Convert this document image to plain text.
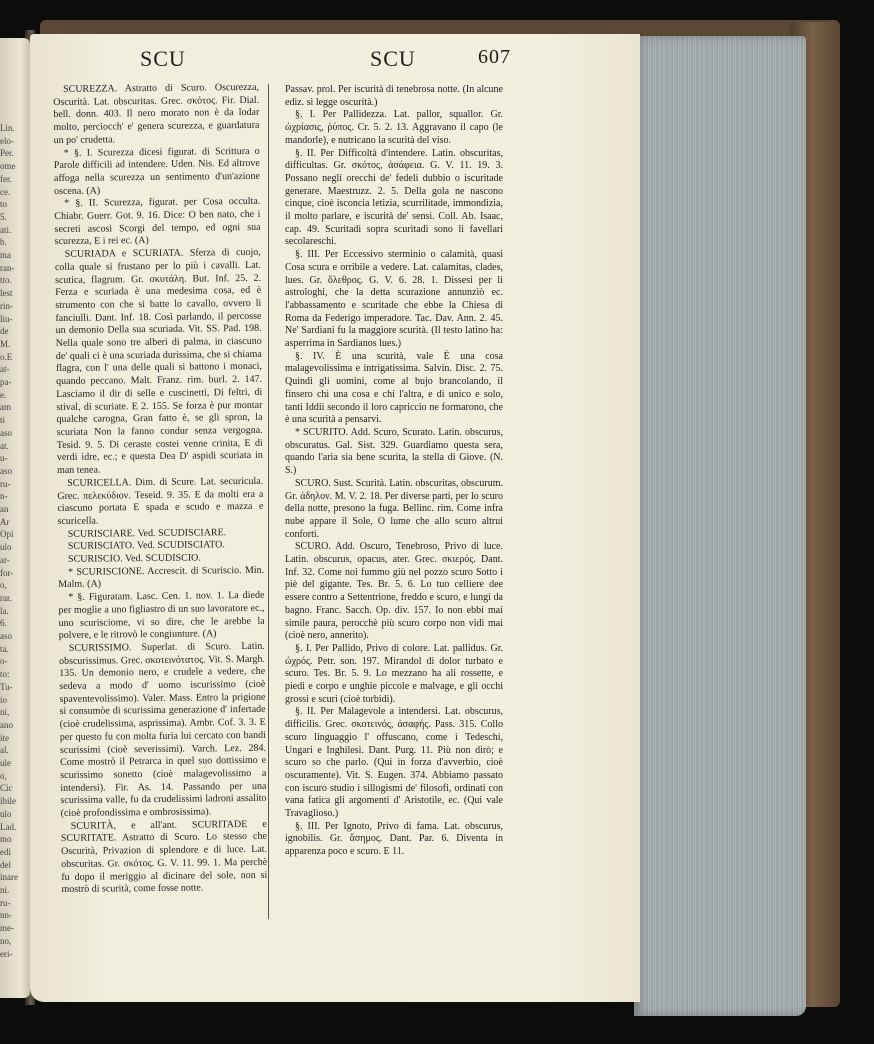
Lin.
elo-
Per.
ome
fer.
ce.
to
5.
ati.
b.
ma
ran-
tto.
lest
rin-
liu-
de
M.
o.E
at-
pa-
e.
am
ti
aso
at.
u-
aso
ru-
n-
an
Ar
Opi
ulo
ar-
for-
o,
rar.
la.
6.
aso
ta.
o-
to:
Tu-
io
ni,
ano
ite
al.
ule
o,
Cic
ibile
ulo
Lad.
mo
edi
del
inare
ni.
ru-
nn-
me-
no,
eri-
SCU	SCU	607

SCUREZZA. Astratto di Scuro. Oscurezza, Oscurità. Lat. obscuritas. Grec. σκότος. Fir. Dial. bell. donn. 403. Il nero morato non è da lodar molto, perciocch' e' genera scurezza, e guardatura un po' crudetta.

* §. I. Scurezza dicesi figurat. di Scrittura o Parole difficili ad intendere. Uden. Nis. Ed altrove affoga nella scurezza un sentimento d'un'azione oscena. (A)

* §. II. Scurezza, figurat. per Cosa occulta. Chiabr. Guerr. Got. 9. 16. Dice: O ben nato, che i secreti ascosi Scorgi del tempo, ed ogni sua scurezza, E i rei ec. (A)

SCURIADA e SCURIATA. Sferza di cuojo, colla quale si frustano per lo più i cavalli. Lat. scutica, flagrum. Gr. σκυτάλη. But. Inf. 25. 2. Ferza e scuriada è una medesima cosa, ed è strumento con che si batte lo cavallo, ovvero li fanciulli. Dant. Inf. 18. Così parlando, il percosse un demonio Della sua scuriada. Vit. SS. Pad. 198. Nella quale sono tre alberi di palma, in ciascuno de' quali ci è una scuriada durissima, che si chiama flagra, con l' una delle quali si battono i monaci, quando peccano. Malt. Franz. rim. burl. 2. 147. Lasciamo il dir di selle e cuscinetti, Di feltri, di stival, di scuriate. E 2. 155. Se forza è pur montar qualche carogna, Gran fatto è, se gli spron, la scuriata Non la fanno condur senza vergogna. Tesid. 9. 5. Di ceraste costei venne crinita, E di verdi idre, ec.; e questa Dea D' aspidi scuriata in man tenea.

SCURICELLA. Dim. di Scure. Lat. securicula. Grec. πελεκύδιον. Teseid. 9. 35. E da molti era a ciascuno portata E spada e scudo e mazza e scuricella.

SCURISCIARE. Ved. SCUDISCIARE.

SCURISCIATO. Ved. SCUDISCIATO.

SCURISCIO. Ved. SCUDISCIO.

* SCURISCIONE. Accrescit. di Scuriscio. Min. Malm. (A)

* §. Figuratam. Lasc. Cen. 1. nov. 1. La diede per moglie a uno figliastro di un suo lavoratore ec., uno scurisciome, vi so dire, che le arebbe la polvere, e le ritrovò le congiunture. (A)

SCURISSIMO. Superlat. di Scuro. Latin. obscurissimus. Grec. σκοτεινότατος. Vit. S. Margh. 135. Un demonio nero, e crudele a vedere, che sedeva a modo d' uomo iscurissimo (cioè spaventevolissimo). Valer. Mass. Entro la prigione si consumòe di scurissima generazione d' infertade (cioè crudelissima, asprissima). Ambr. Cof. 3. 3. E per questo fu con molta furia lui cercato con bandi scurissimi (cioè severissimi). Varch. Lez. 284. Come mostrò il Petrarca in quel suo dottissimo e scurissimo sonetto (cioè malagevolissimo a intendersi). Fir. As. 14. Passando per una scurissima valle, fu da crudelissimi ladroni assalito (cioè profondissima e ombrosissima).

SCURITÀ, e all'ant. SCURITADE e SCURITATE. Astratto di Scuro. Lo stesso che Oscurità, Privazion di splendore e di luce. Lat. obscuritas. Gr. σκότος. G. V. 11. 99. 1. Ma perchè fu dopo il meriggio al dicinare del sole, non si mostrò di scurità, come fosse notte.

Passav. prol. Per iscurità di tenebrosa notte. (In alcune ediz. si legge oscurità.)

§. I. Per Pallidezza. Lat. pallor, squallor. Gr. ὠχρίασις, ῥύπος. Cr. 5. 2. 13. Aggravano il capo (le mandorle), e nutricano la scurità del viso.

§. II. Per Difficoltà d'intendere. Latin. obscuritas, difficultas. Gr. σκότος, ἀσάφεια. G. V. 11. 19. 3. Possano negli orecchi de' fedeli dubbio o iscuritade generare. Maestruzz. 2. 5. Della gola ne nascono cinque, cioè isconcia letizia, scurrilitade, immondizia, il molto parlare, e iscurità de' sensi. Coll. Ab. Isaac, cap. 49. Scuritadi sopra scuritadi sono li favellari secolareschi.

§. III. Per Eccessivo sterminio o calamità, quasi Cosa scura e orribile a vedere. Lat. calamitas, clades, lues. Gr. ὄλεθρος. G. V. 6. 28. 1. Dissesi per li astrologhi, che la detta scurazione annunziò ec. l'abbassamento e scuritade che ebbe la Chiesa di Roma da Federigo imperadore. Tac. Dav. Ann. 2. 45. Ne' Sardiani fu la maggiore scurità. (Il testo latino ha: asperrima in Sardianos lues.)

§. IV. È una scurità, vale È una cosa malagevolissima e intrigatissima. Salvin. Disc. 2. 75. Quindi gli uomini, come al bujo brancolando, il finsero chi una cosa e chi l'altra, e di unico e solo, tanti Iddii secondo il loro capriccio ne formarono, che è una scurità a pensarvi.

* SCURITO. Add. Scuro, Scurato. Latin. obscurus, obscuratus. Gal. Sist. 329. Guardiamo questa sera, quando l'aria sia bene scurita, la stella di Giove. (N. S.)

SCURO. Sust. Scurità. Latin. obscuritas, obscurum. Gr. ἀδηλον. M. V. 2. 18. Per diverse parti, per lo scuro della notte, presono la fuga. Bellinc. rim. Come infra nube appare il Sole, O lume che allo scuro altrui conforti.

SCURO. Add. Oscuro, Tenebroso, Privo di luce. Latin. obscurus, opacus, ater. Grec. σκιερός. Dant. Inf. 32. Come noi fummo giù nel pozzo scuro Sotto i piè del gigante. Tes. Br. 5. 6. Lo tuo celliere dee essere contro a Settentrione, freddo e scuro, e lungi da bagno. Franc. Sacch. Op. div. 157. Io non ebbi mai simile paura, perocchè più scuro corpo non vidi mai (cioè nero, annerito).

§. I. Per Pallido, Privo di colore. Lat. pallidus. Gr. ὠχρός. Petr. son. 197. Mirandol di dolor turbato e scuro. Tes. Br. 5. 9. Lo mezzano ha ali rossette, e piedi e corpo e unghie piccole e malvage, e gli occhi grossi e scuri (cioè torbidi).

§. II. Per Malagevole a intendersi. Lat. obscurus, difficilis. Grec. σκοτεινός, ἀσαφής. Pass. 315. Collo scuro linguaggio l' offuscano, come i Tedeschi, Ungari e Inghilesi. Dant. Purg. 11. Più non dirò; e scuro so che parlo. (Qui in forza d'avverbio, cioè oscuramente). Vit. S. Eugen. 374. Abbiamo passato con iscuro studio i sillogismi de' filosofi, ordinati con vana fatica gli argomenti d' Aristotile, ec. (Qui vale Travaglioso.)

§. III. Per Ignoto, Privo di fama. Lat. obscurus, ignobilis. Gr. ἄσημος. Dant. Par. 6. Diventa in apparenza poco e scuro. E 11.
